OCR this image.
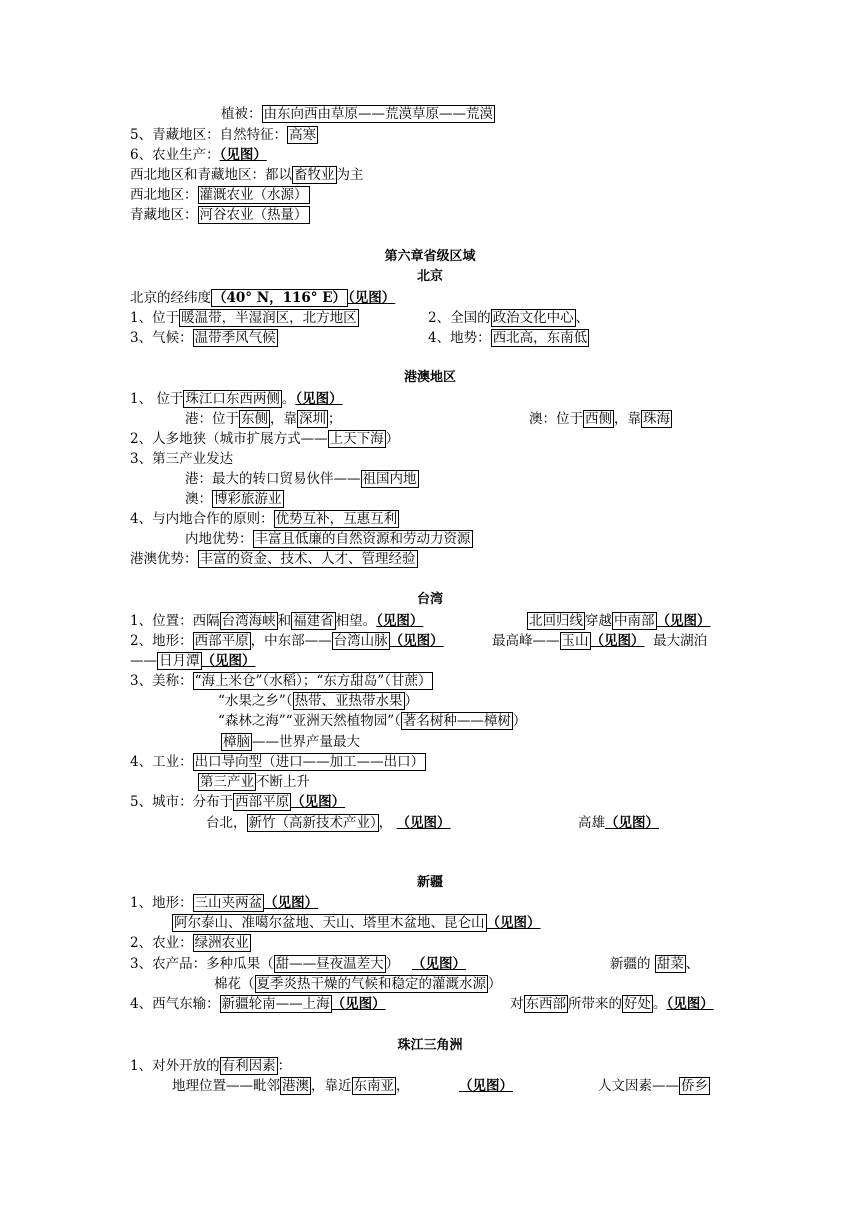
植被： 由东向西由草原——荒漠草原——荒漠
5、青藏地区：自然特征： 高寒
6、农业生产：（见图）
西北地区和青藏地区：都以 畜牧业 为主
西北地区： 灌溉农业（水源）
青藏地区： 河谷农业（热量）
第六章省级区域
北京
北京的经纬度 （40° N，116° E） （见图）
1、位于 暖温带，半湿润区，北方地区	2、全国的 政治文化中心 、
3、气候： 温带季风气候	4、地势： 西北高，东南低
港澳地区
1、 位于 珠江口东西两侧 。（见图）
港：位于 东侧 ，靠 深圳 ；	澳：位于 西侧 ，靠 珠海
2、人多地狭（城市扩展方式—— 上天下海 ）
3、第三产业发达
港：最大的转口贸易伙伴—— 祖国内地
澳： 博彩旅游业
4、与内地合作的原则： 优势互补，互惠互利
内地优势： 丰富且低廉的自然资源和劳动力资源
港澳优势： 丰富的资金、技术、人才、管理经验
台湾
1、位置：西隔 台湾海峡 和 福建省 相望。（见图）	北回归线 穿越 中南部 （见图）
2、地形： 西部平原 ，中东部—— 台湾山脉 （见图）	最高峰—— 玉山 （见图） 最大湖泊
—— 日月潭 （见图）
3、美称： “海上米仓”（水稻）；“东方甜岛”（甘蔗）
“水果之乡”（ 热带、亚热带水果 ）
“森林之海”“亚洲天然植物园”（ 著名树种——樟树 ）
樟脑 ——世界产量最大
4、工业： 出口导向型（进口——加工——出口）
第三产业 不断上升
5、城市：分布于 西部平原 （见图）
台北， 新竹（高新技术产业） ， （见图）	高雄（见图）
新疆
1、地形： 三山夹两盆 （见图）
阿尔泰山、准噶尔盆地、天山、塔里木盆地、昆仑山 （见图）
2、农业： 绿洲农业
3、农产品：多种瓜果（ 甜——昼夜温差大 ） （见图）	新疆的 甜菜 、
棉花（ 夏季炎热干燥的气候和稳定的灌溉水源 ）
4、西气东输： 新疆轮南——上海 （见图）	对 东西部 所带来的 好处 。（见图）
珠江三角洲
1、对外开放的 有利因素 ：
地理位置——毗邻 港澳 ，靠近 东南亚 ，	（见图）	人文因素—— 侨乡
